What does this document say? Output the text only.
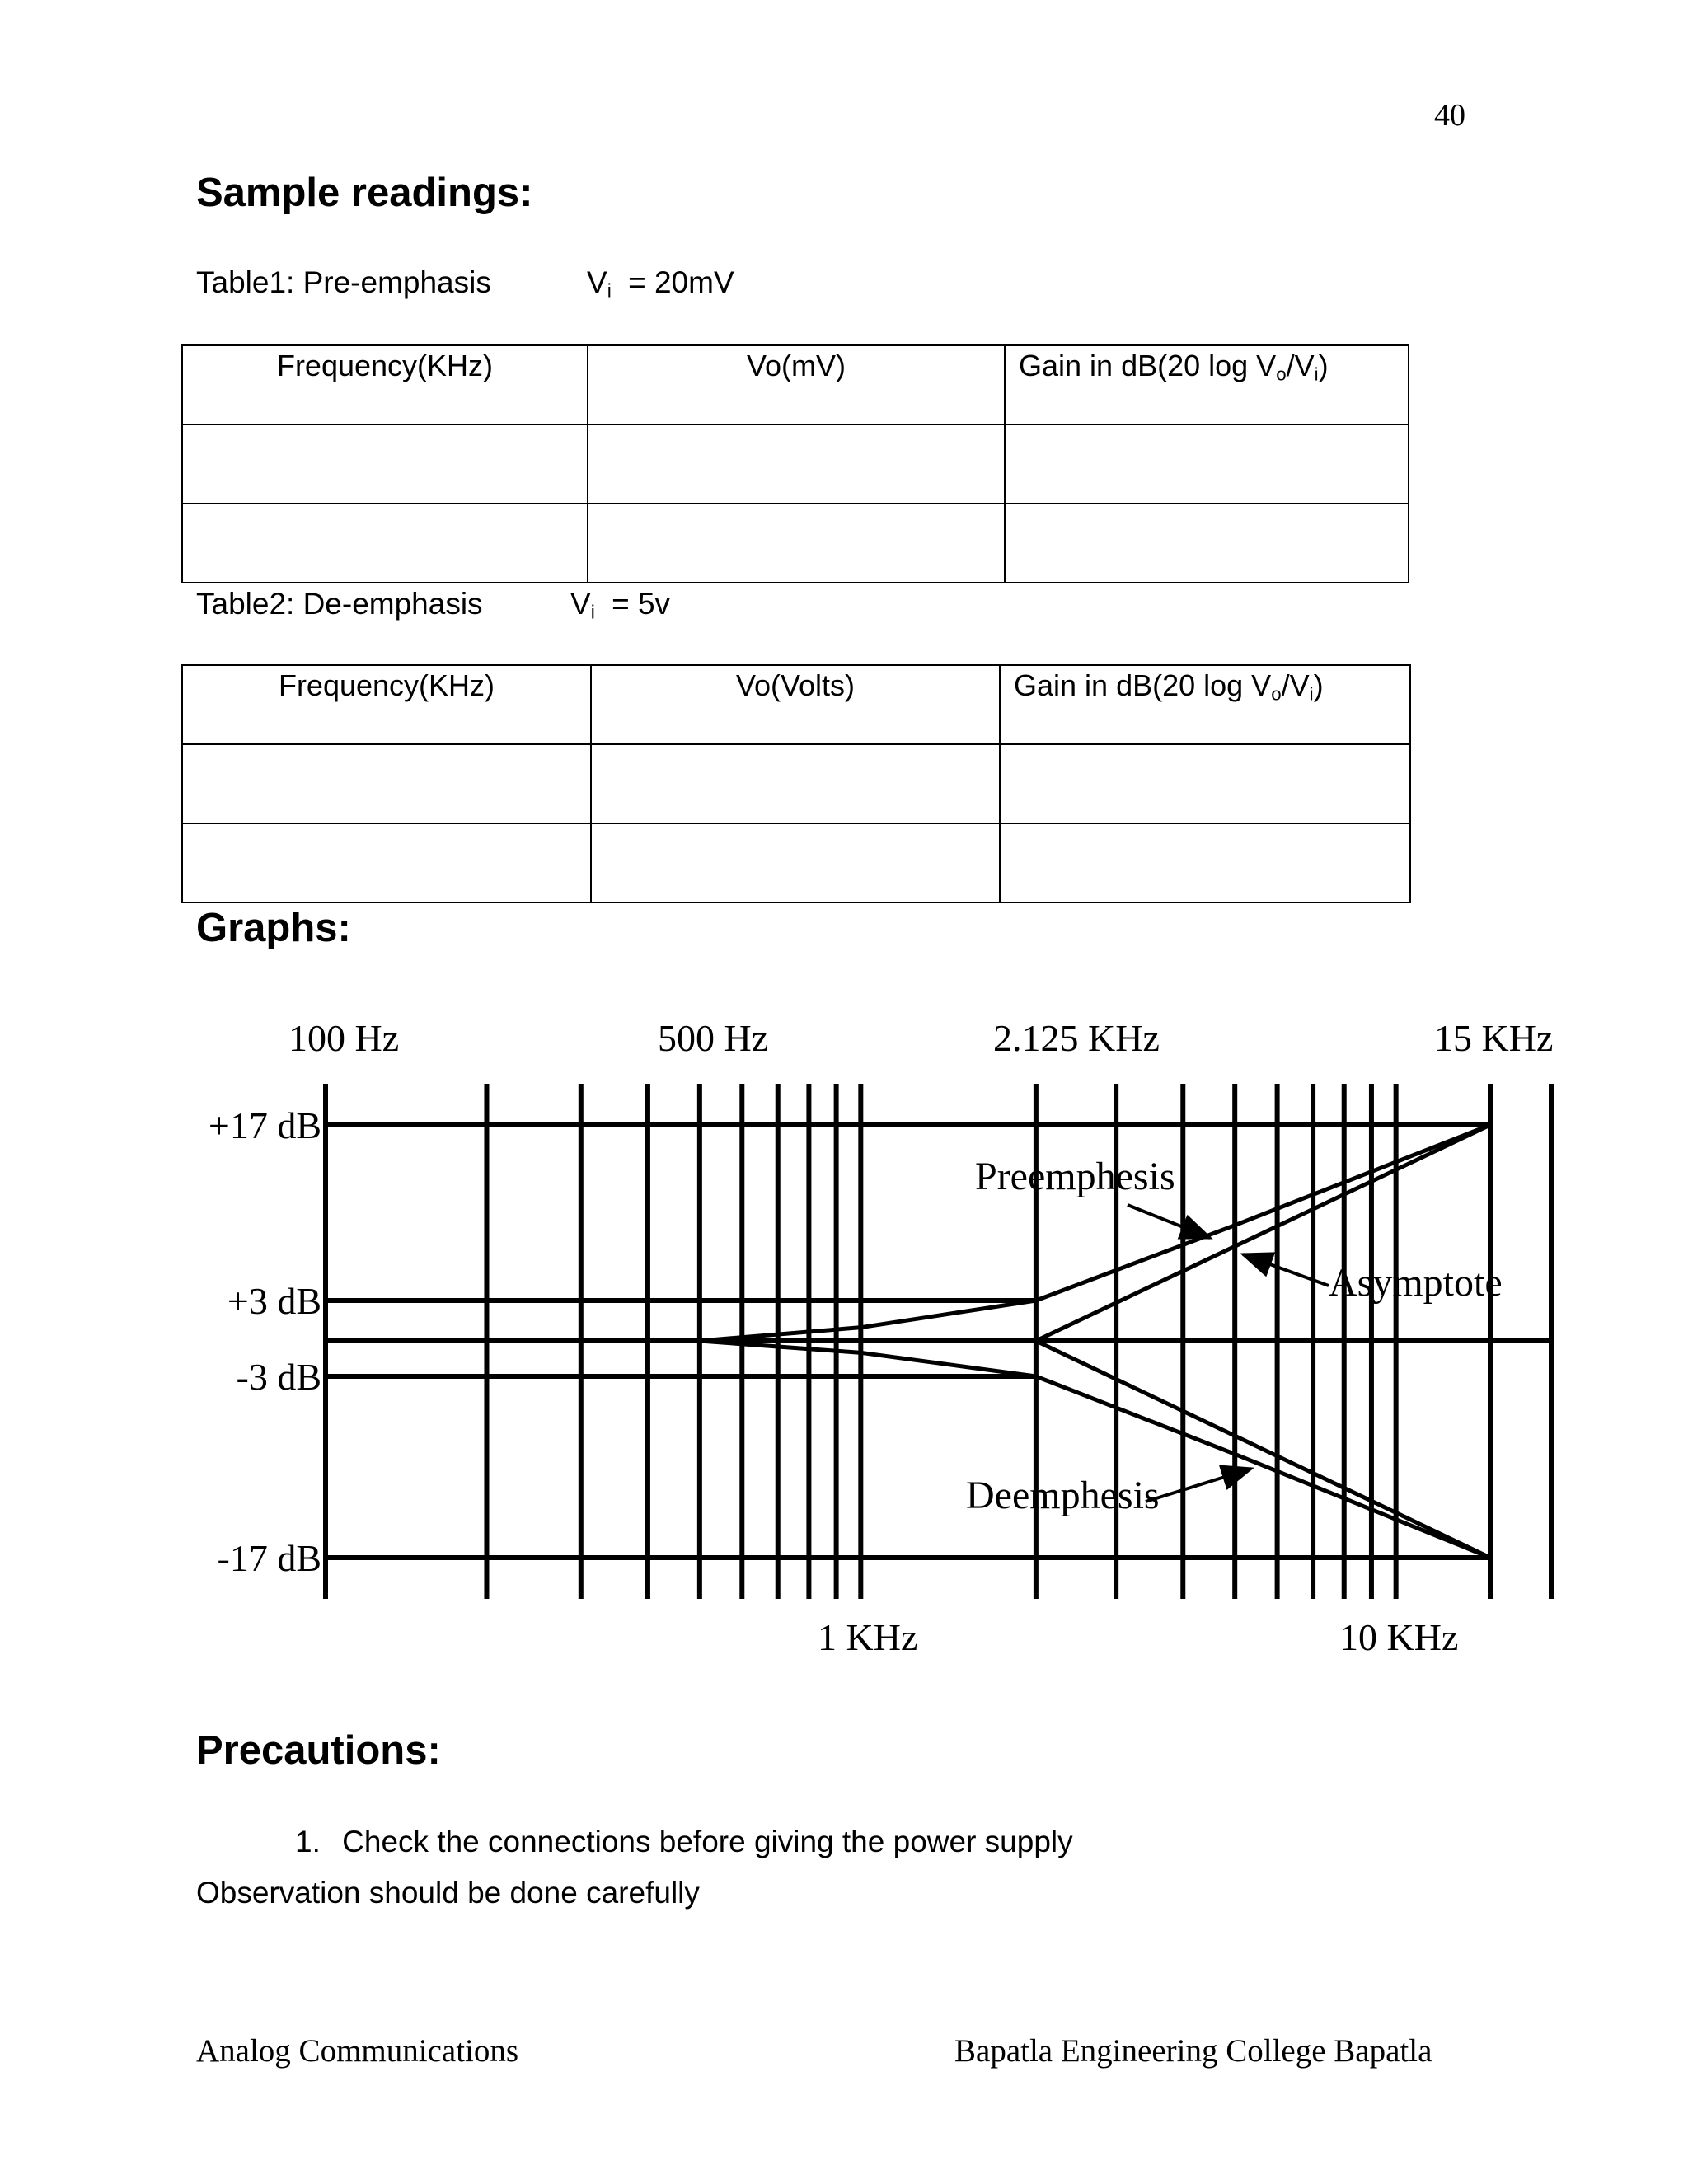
40
Sample readings:
Table1: Pre-emphasis	$V_i = 20mV$
Frequency(KHz)	Vo(mV)	Gain in dB(20 $\log V_o/V_i$)

Table2: De-emphasis	$V_i = 5v$
Frequency(KHz)	Vo(Volts)	Gain in dB(20 $\log V_o/V_i$)

Graphs:
100 Hz	500 Hz	2.125 KHz	15 KHz
1 KHz	10 KHz
+17 dB
+3 dB
-3 dB
-17 dB
Preemphesis
Asymptote
Deemphesis
Precautions:
1. Check the connections before giving the power supply
Observation should be done carefully
Analog Communications	Bapatla Engineering College Bapatla
